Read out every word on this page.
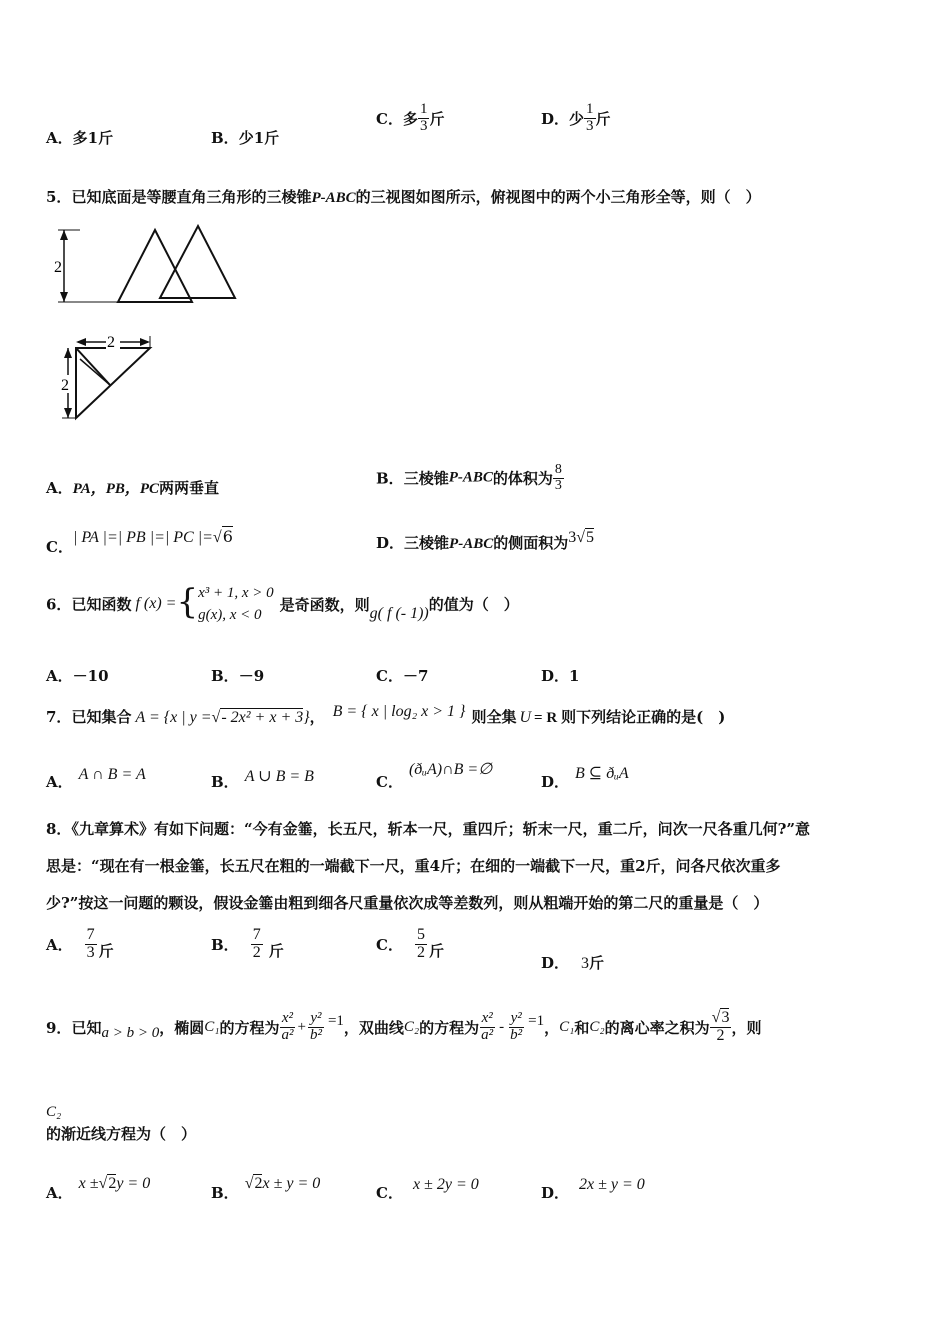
A．多1斤	B．少1斤
C．多 $\frac{1}{3}$ 斤	D．少 $\frac{1}{3}$ 斤
5．已知底面是等腰直角三角形的三棱锥P-ABC的三视图如图所示，俯视图中的两个小三角形全等，则（　）
2
2
2
A．PA，PB，PC两两垂直
B．三棱锥P-ABC的体积为 $\frac{8}{3}$
C．| PA |=| PB |=| PC |=√6	D．三棱锥P-ABC的侧面积为3√5
6．已知函数 f (x) = { x³ + 1, x > 0
g(x), x < 0
是奇函数，则g( f (- 1))的值为（　）
A．－10	B．－9	C．－7	D．1
7．已知集合 A = {x | y =√- 2x² + x + 3}， B = { x | log₂ x > 1 } 则全集 U = R 则下列结论正确的是(　)
A． A ∩ B = A	B． A ∪ B = B	C．(ðᵤA)∩B =∅
D． B ⊆ ðᵤA
8．《九章算术》有如下问题：“今有金箠，长五尺，斩本一尺，重四斤；斩末一尺，重二斤，问次一尺各重几何?”意
思是：“现在有一根金箠，长五尺在粗的一端截下一尺，重4斤；在细的一端截下一尺，重2斤，问各尺依次重多
少?”按这一问题的颗设，假设金箠由粗到细各尺重量依次成等差数列，则从粗端开始的第二尺的重量是（　）
A． $\frac{7}{3}$ 斤	B． $\frac{7}{2}$ 斤	C． $\frac{5}{2}$ 斤
D． 3斤
9．已知a > b > 0，椭圆C₁的方程为 $\frac{\text{x²}}{\text{a²}} + \frac{\text{y²}}{\text{b²}} =1$，双曲线C₂的方程为 $\frac{\text{x²}}{\text{a²}} - \frac{\text{y²}}{\text{b²}} =1$，C₁和C₂的离心率之积为 $\frac{√3}{2}$ ，则
C₂
的渐近线方程为（　）
A．x ±√2y = 0
B．√2x ± y = 0
C． x ± 2y = 0	D． 2x ± y = 0
